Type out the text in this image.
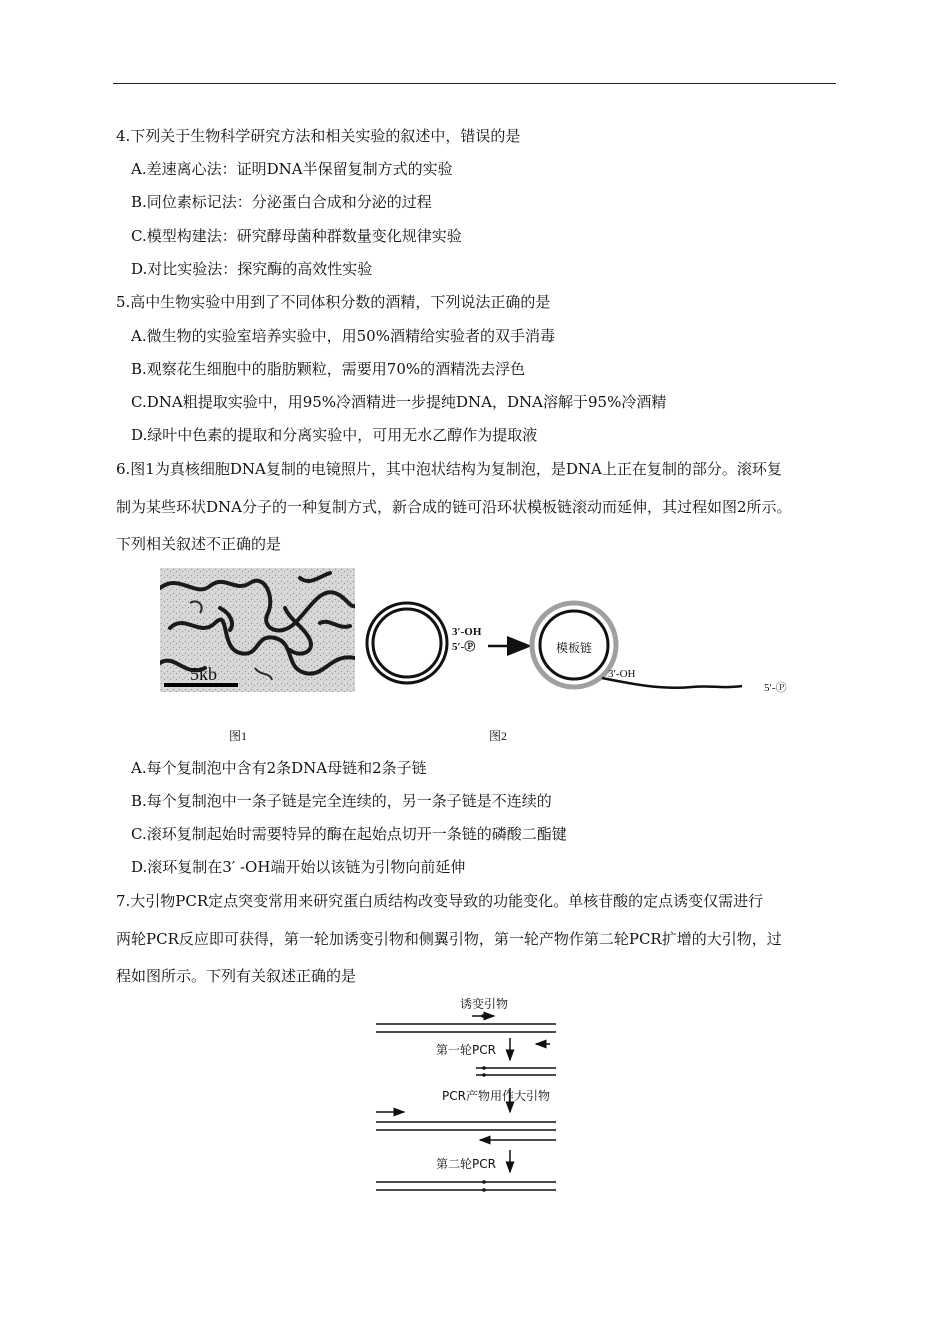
4.下列关于生物科学研究方法和相关实验的叙述中，错误的是
A.差速离心法：证明DNA半保留复制方式的实验
B.同位素标记法：分泌蛋白合成和分泌的过程
C.模型构建法：研究酵母菌种群数量变化规律实验
D.对比实验法：探究酶的高效性实验
5.高中生物实验中用到了不同体积分数的酒精，下列说法正确的是
A.微生物的实验室培养实验中，用50%酒精给实验者的双手消毒
B.观察花生细胞中的脂肪颗粒，需要用70%的酒精洗去浮色
C.DNA粗提取实验中，用95%冷酒精进一步提纯DNA，DNA溶解于95%冷酒精
D.绿叶中色素的提取和分离实验中，可用无水乙醇作为提取液
6.图1为真核细胞DNA复制的电镜照片，其中泡状结构为复制泡，是DNA上正在复制的部分。滚环复
制为某些环状DNA分子的一种复制方式，新合成的链可沿环状模板链滚动而延伸，其过程如图2所示。
下列相关叙述不正确的是
5kb
3′-OH
5′-Ⓟ	模板链
3′-OH
5′-Ⓟ
图1	图2
A.每个复制泡中含有2条DNA母链和2条子链
B.每个复制泡中一条子链是完全连续的，另一条子链是不连续的
C.滚环复制起始时需要特异的酶在起始点切开一条链的磷酸二酯键
D.滚环复制在3′ -OH端开始以该链为引物向前延伸
7.大引物PCR定点突变常用来研究蛋白质结构改变导致的功能变化。单核苷酸的定点诱变仅需进行
两轮PCR反应即可获得，第一轮加诱变引物和侧翼引物，第一轮产物作第二轮PCR扩增的大引物，过
程如图所示。下列有关叙述正确的是
诱变引物
第一轮PCR
PCR产物用作大引物
第二轮PCR
